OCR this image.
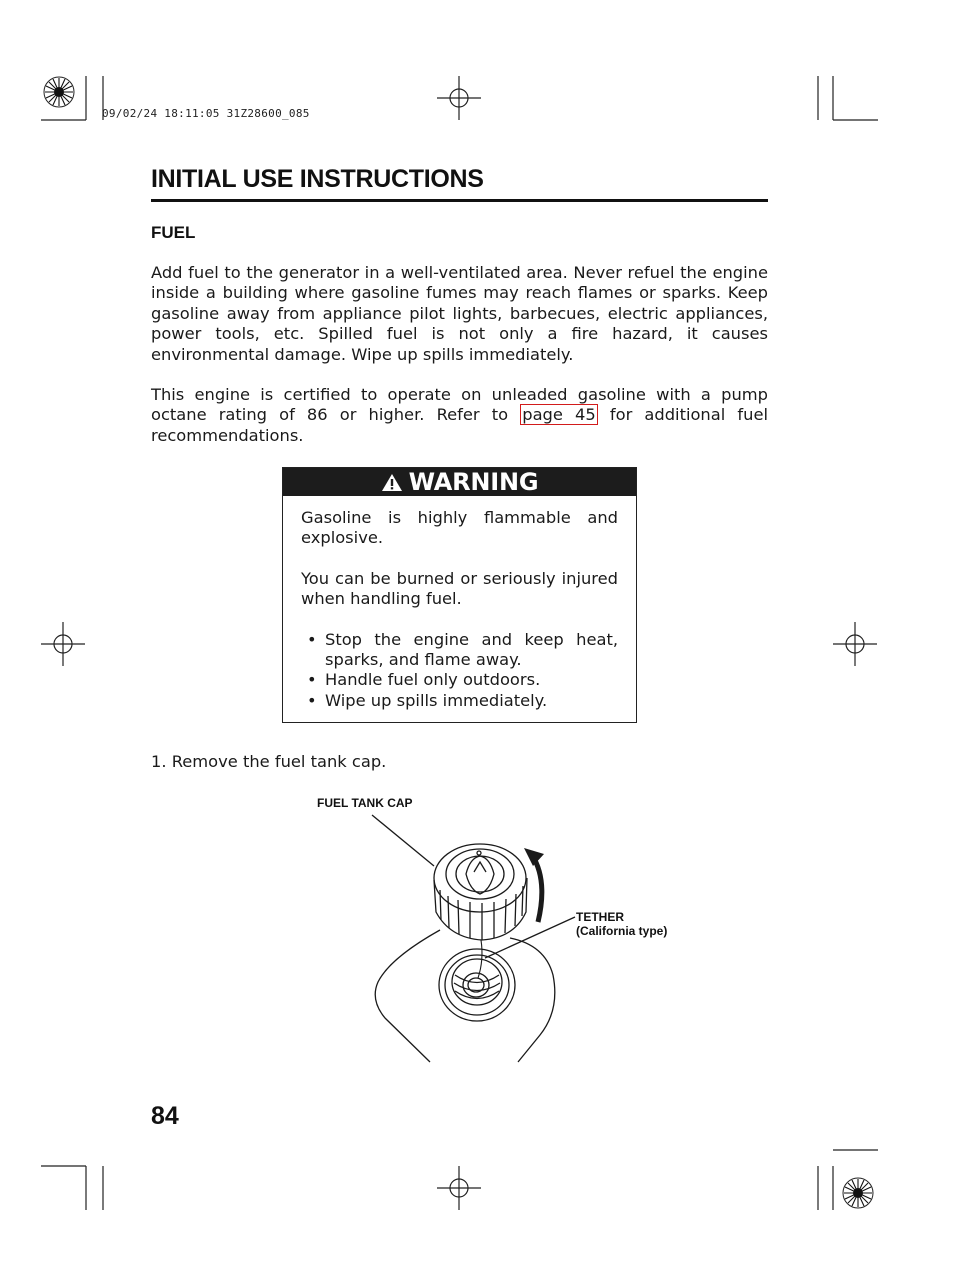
09/02/24 18:11:05 31Z28600_085
INITIAL USE INSTRUCTIONS
FUEL
Add fuel to the generator in a well-ventilated area. Never refuel the engine inside a building where gasoline fumes may reach flames or sparks. Keep gasoline away from appliance pilot lights, barbecues, electric appliances, power tools, etc. Spilled fuel is not only a fire hazard, it causes environmental damage. Wipe up spills immediately.
This engine is certified to operate on unleaded gasoline with a pump octane rating of 86 or higher. Refer to page 45 for additional fuel recommendations.
WARNING

Gasoline is highly flammable and explosive.

You can be burned or seriously injured when handling fuel.

• Stop the engine and keep heat, sparks, and flame away.
• Handle fuel only outdoors.
• Wipe up spills immediately.
1. Remove the fuel tank cap.
FUEL TANK CAP
TETHER
(California type)
84
